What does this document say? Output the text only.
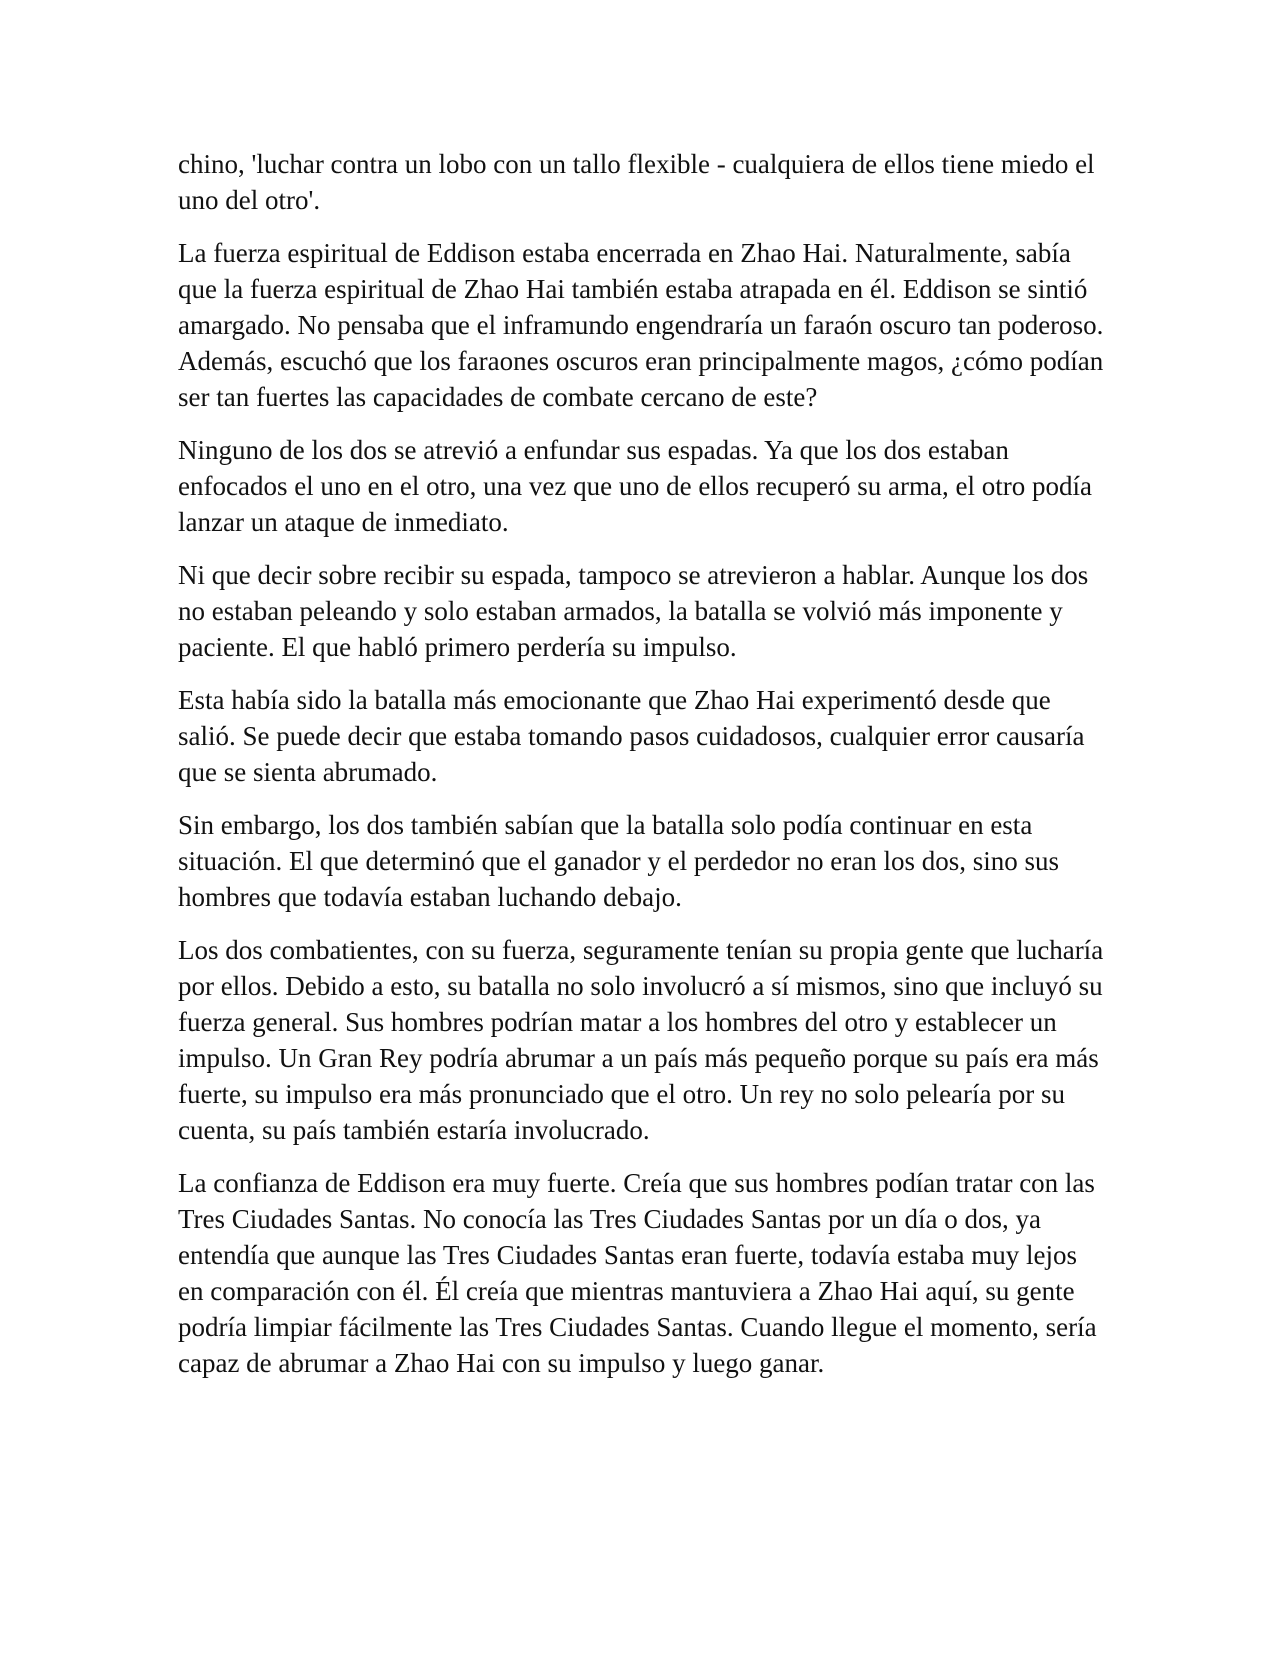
chino, 'luchar contra un lobo con un tallo flexible - cualquiera de ellos tiene miedo el uno del otro'.

La fuerza espiritual de Eddison estaba encerrada en Zhao Hai. Naturalmente, sabía que la fuerza espiritual de Zhao Hai también estaba atrapada en él. Eddison se sintió amargado. No pensaba que el inframundo engendraría un faraón oscuro tan poderoso. Además, escuchó que los faraones oscuros eran principalmente magos, ¿cómo podían ser tan fuertes las capacidades de combate cercano de este?

Ninguno de los dos se atrevió a enfundar sus espadas. Ya que los dos estaban enfocados el uno en el otro, una vez que uno de ellos recuperó su arma, el otro podía lanzar un ataque de inmediato.

Ni que decir sobre recibir su espada, tampoco se atrevieron a hablar. Aunque los dos no estaban peleando y solo estaban armados, la batalla se volvió más imponente y paciente. El que habló primero perdería su impulso.

Esta había sido la batalla más emocionante que Zhao Hai experimentó desde que salió. Se puede decir que estaba tomando pasos cuidadosos, cualquier error causaría que se sienta abrumado.

Sin embargo, los dos también sabían que la batalla solo podía continuar en esta situación. El que determinó que el ganador y el perdedor no eran los dos, sino sus hombres que todavía estaban luchando debajo.

Los dos combatientes, con su fuerza, seguramente tenían su propia gente que lucharía por ellos. Debido a esto, su batalla no solo involucró a sí mismos, sino que incluyó su fuerza general. Sus hombres podrían matar a los hombres del otro y establecer un impulso. Un Gran Rey podría abrumar a un país más pequeño porque su país era más fuerte, su impulso era más pronunciado que el otro. Un rey no solo pelearía por su cuenta, su país también estaría involucrado.

La confianza de Eddison era muy fuerte. Creía que sus hombres podían tratar con las Tres Ciudades Santas. No conocía las Tres Ciudades Santas por un día o dos, ya entendía que aunque las Tres Ciudades Santas eran fuerte, todavía estaba muy lejos en comparación con él. Él creía que mientras mantuviera a Zhao Hai aquí, su gente podría limpiar fácilmente las Tres Ciudades Santas. Cuando llegue el momento, sería capaz de abrumar a Zhao Hai con su impulso y luego ganar.
